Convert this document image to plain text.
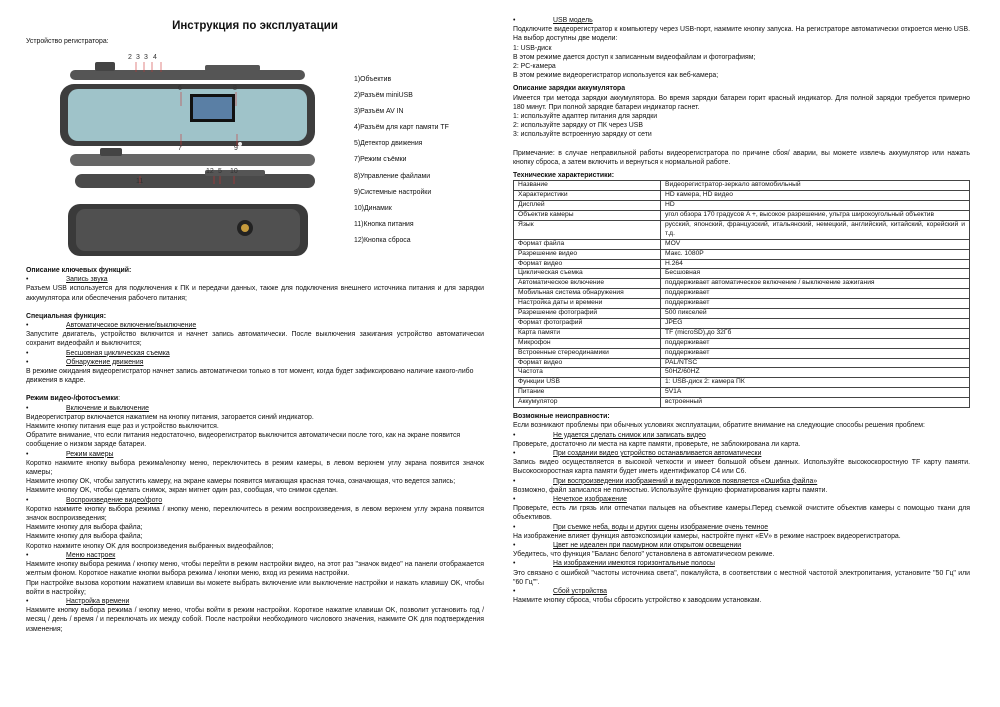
Инструкция по эксплуатации

Устройство регистратора:

2 3 3 4
6	8
7	9
11
12 5 10
1)Объектив
2)Разъём miniUSB
3)Разъём AV IN
4)Разъём для карт памяти TF
5)Детектор движения
7)Режим съёмки
8)Управление файлами
9)Системные настройки
10)Динамик
11)Кнопка питания
12)Кнопка сброса

Описание ключевых функций:

•	Запись звука

Разъем USB используется для подключения к ПК и передачи данных, также для подключения внешнего источника питания и для зарядки аккумулятора или обеспечения рабочего питания;

Специальная функция:

•	Автоматическое включение/выключение

Запустите двигатель, устройство включится и начнет запись автоматически. После выключения зажигания устройство автоматически сохранит видеофайл и выключится;

•	Бесшовная циклическая съемка
•	Обнаружение движения

В режиме ожидания видеорегистратор начнет запись автоматически только в тот момент, когда будет зафиксировано наличие какого-либо движения в кадре.

Режим видео-/фотосъемки:

•	Включение и выключение

Видеорегистратор включается нажатием на кнопку питания, загорается синий индикатор.

Нажмите кнопку питания еще раз и устройство выключится.

Обратите внимание, что если питания недостаточно, видеорегистратор выключится автоматически после того, как на экране появится сообщение о низком заряде батареи.

•	Режим камеры

Коротко нажмите кнопку выбора режима/кнопку меню, переключитесь в режим камеры, в левом верхнем углу экрана появится значок камеры;

Нажмите кнопку OK, чтобы запустить камеру, на экране камеры появится мигающая красная точка, означающая, что ведется запись;

Нажмите кнопку OK, чтобы сделать снимок, экран мигнет один раз, сообщая, что снимок сделан.

•	Воспроизведение видео/фото

Коротко нажмите кнопку выбора режима / кнопку меню, переключитесь в режим воспроизведения, в левом верхнем углу экрана появится значок воспроизведения;

Нажмите кнопку для выбора файла;

Нажмите кнопку для выбора файла;

Коротко нажмите кнопку OK для воспроизведения выбранных видеофайлов;

•	Меню настроек

Нажмите кнопку выбора режима / кнопку меню, чтобы перейти в режим настройки видео, на этот раз "значок видео" на панели отображается желтым фоном. Короткое нажатие кнопки выбора режима / кнопки меню, вход из режима настройки.

При настройке вызова коротким нажатием клавиши вы можете выбрать включение или выключение настройки и нажать клавишу OK, чтобы войти в настройку;

•	Настройка времени

Нажмите кнопку выбора режима / кнопку меню, чтобы войти в режим настройки. Короткое нажатие клавиши OK, позволит установить год / месяц / день / время / и переключать их между собой. После настройки необходимого числового значения, нажмите OK для подтверждения изменения;

•	USB модель

Подключите видеорегистратор к компьютеру через USB-порт, нажмите кнопку запуска. На регистраторе автоматически откроется меню USB. На выбор доступны две модели:

1: USB-диск

В этом режиме дается доступ к записанным видеофайлам и фотографиям;

2: PC-камера

В этом режиме видеорегистратор используется как веб-камера;

Описание зарядки аккумулятора

Имеется три метода зарядки аккумулятора. Во время зарядки батареи горит красный индикатор. Для полной зарядки требуется примерно 180 минут. При полной зарядке батареи индикатор гаснет.

1: используйте адаптер питания для зарядки

2: используйте зарядку от ПК через USB

3: используйте встроенную зарядку от сети

Примечание: в случае неправильной работы видеорегистратора по причине сбоя/ аварии, вы можете извлечь аккумулятор или нажать кнопку сброса, а затем включить и вернуться к нормальной работе.

Технические характеристики:

Название	Видеорегистратор-зеркало автомобильный
Характеристики	HD камера, HD видео
Дисплей	HD
Объектив камеры	угол обзора 170 градусов A +, высокое разрешение, ультра широкоугольный объектив
Язык	русский, японский, французский, итальянский, немецкий, английский, китайский, корейский и т.д.
Формат файла	MOV
Разрешение видео	Макс. 1080P
Формат видео	H.264
Циклическая съемка	Бесшовная
Автоматическое включение	поддерживает автоматическое включение / выключение зажигания
Мобильная система обнаружения	поддерживает
Настройка даты и времени	поддерживает
Разрешение фотографий	500 пикселей
Формат фотографий	JPEG
Карта памяти	TF (microSD),до 32Гб
Микрофон	поддерживает
Встроенные стереодинамики	поддерживает
Формат видео	PAL/NTSC
Частота	50HZ/60HZ
Функции USB	1: USB-диск 2: камера ПК
Питание	5V1A
Аккумулятор	встроенный

Возможные неисправности:

Если возникают проблемы при обычных условиях эксплуатации, обратите внимание на следующие способы решения проблем:

•	Не удается сделать снимок или записать видео

Проверьте, достаточно ли места на карте памяти, проверьте, не заблокирована ли карта.

•	При создании видео устройство останавливается автоматически

Запись видео осуществляется в высокой четкости и имеет большой объем данных. Используйте высокоскоростную TF карту памяти. Высокоскоростная карта памяти будет иметь идентификатор C4 или C6.

•	При воспроизведении изображений и видеороликов появляется «Ошибка файла»

Возможно, файл записался не полностью. Используйте функцию форматирования карты памяти.

•	Нечеткое изображение

Проверьте, есть ли грязь или отпечатки пальцев на объективе камеры.Перед съемкой очистите объектив камеры с помощью ткани для объективов.

•	При съемке неба, воды и других сцены изображение очень темное

На изображение влияет функция автоэкспозиции камеры, настройте пункт «EV» в режиме настроек видеорегистратора.

•	Цвет не идеален при пасмурном или открытом освещении

Убедитесь, что функция "Баланс белого" установлена в автоматическом режиме.

•	На изображении имеются горизонтальные полосы

Это связано с ошибкой "частоты источника света", пожалуйста, в соответствии с местной частотой электропитания, установите "50 Гц" или "60 Гц"".

•	Сбой устройства

Нажмите кнопку сброса, чтобы сбросить устройство к заводским установкам.
